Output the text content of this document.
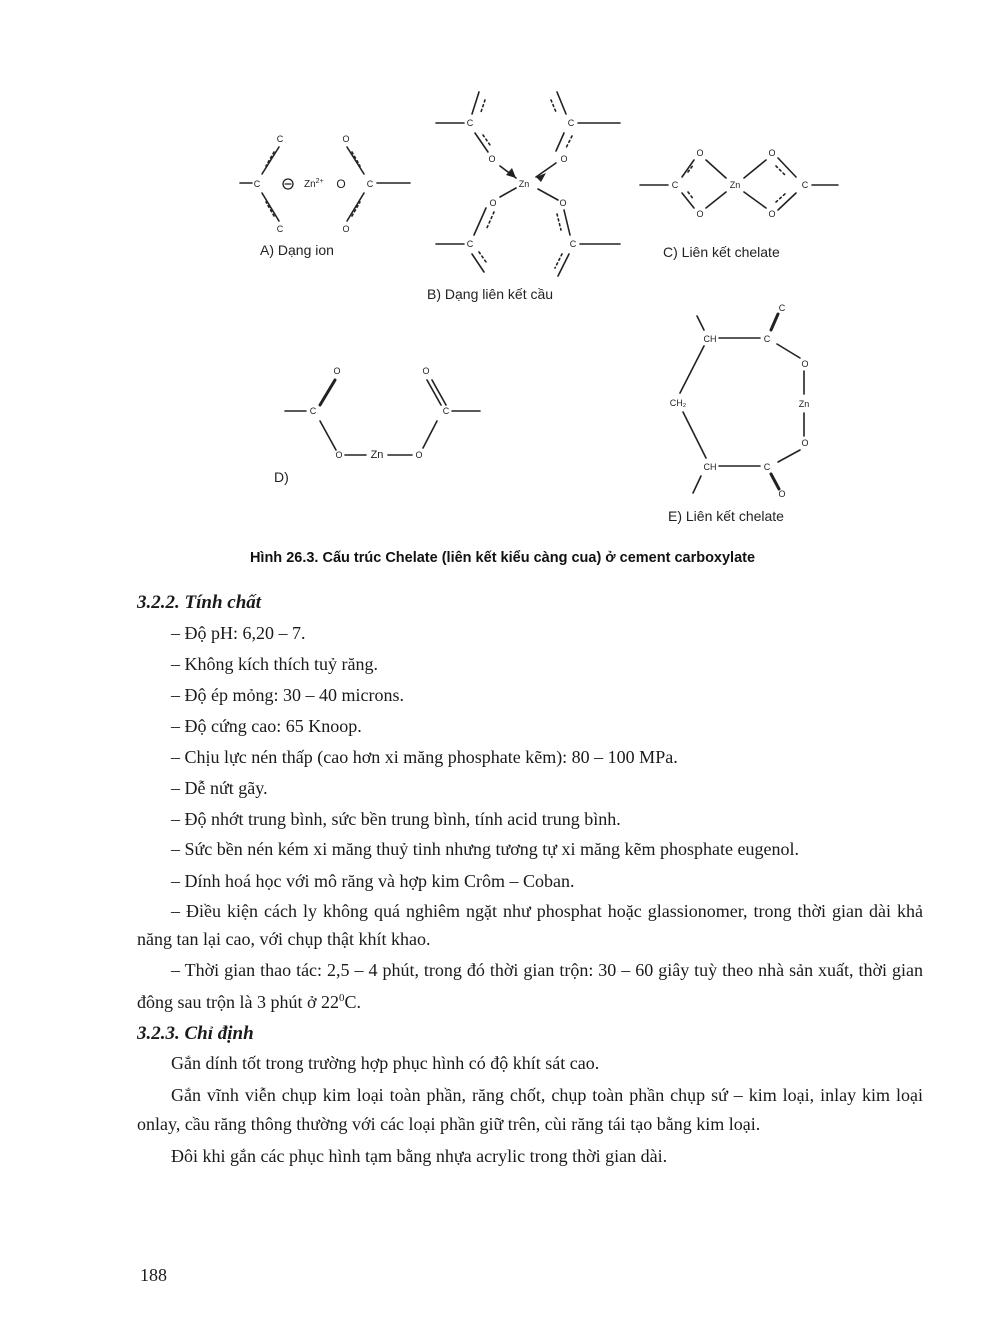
C
C
C
O
C
O
O
$Zn^{2+}$
C
O
C
O
Zn
O	O
C	C
C
O
O
Zn
O
O
C
C
O
O	Zn	O
O
C
CH	C
C
O
CH₂	Zn
O
CH	C
O
A) Dạng ion
B) Dạng liên kết cầu
C) Liên kết chelate
D)
E) Liên kết chelate
Hình 26.3. Cấu trúc Chelate (liên kết kiểu càng cua) ở cement carboxylate

3.2.2. Tính chất

– Độ pH: 6,20 – 7.

– Không kích thích tuỷ răng.

– Độ ép mỏng: 30 – 40 microns.

– Độ cứng cao: 65 Knoop.

– Chịu lực nén thấp (cao hơn xi măng phosphate kẽm): 80 – 100 MPa.

– Dễ nứt gãy.

– Độ nhớt trung bình, sức bền trung bình, tính acid trung bình.

– Sức bền nén kém xi măng thuỷ tinh nhưng tương tự xi măng kẽm phosphate eugenol.

– Dính hoá học với mô răng và hợp kim Crôm – Coban.

– Điều kiện cách ly không quá nghiêm ngặt như phosphat hoặc glassionomer, trong thời gian dài khả năng tan lại cao, với chụp thật khít khao.

– Thời gian thao tác: 2,5 – 4 phút, trong đó thời gian trộn: 30 – 60 giây tuỳ theo nhà sản xuất, thời gian đông sau trộn là 3 phút ở $22^0C$.

3.2.3. Chỉ định

Gắn dính tốt trong trường hợp phục hình có độ khít sát cao.

Gắn vĩnh viễn chụp kim loại toàn phần, răng chốt, chụp toàn phần chụp sứ – kim loại, inlay kim loại onlay, cầu răng thông thường với các loại phần giữ trên, cùi răng tái tạo bằng kim loại.

Đôi khi gắn các phục hình tạm bằng nhựa acrylic trong thời gian dài.

188
